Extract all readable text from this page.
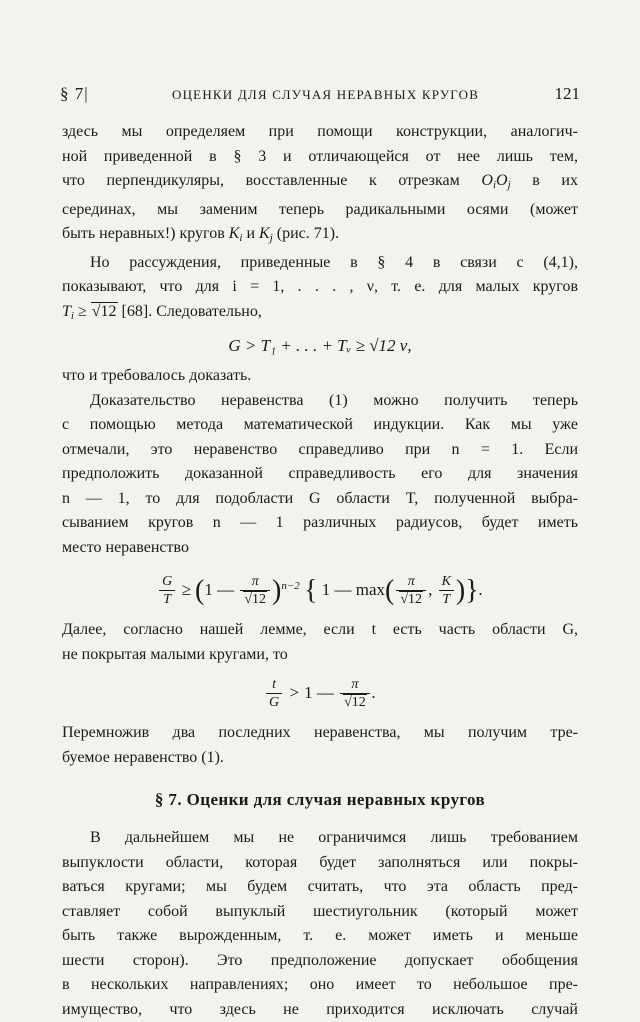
§ 7|	ОЦЕНКИ ДЛЯ СЛУЧАЯ НЕРАВНЫХ КРУГОВ	121

здесь мы определяем при помощи конструкции, аналогич-
ной приведенной в § 3 и отличающейся от нее лишь тем,
что перпендикуляры, восставленные к отрезкам $O_iO_j$ в их
серединах, мы заменим теперь радикальными осями (может
быть неравных!) кругов $K_i$ и $K_j$ (рис. 71).

Но рассуждения, приведенные в § 4 в связи с (4,1),
показывают, что для i = 1, . . . , ν, т. е. для малых кругов
$T_i \ge √12$ [68]. Следовательно,

G > T₁ + . . . + Tᵥ ≥ √12 ν,

что и требовалось доказать.

Доказательство неравенства (1) можно получить теперь
с помощью метода математической индукции. Как мы уже
отмечали, это неравенство справедливо при n = 1. Если
предположить доказанной справедливость его для значения
n — 1, то для подобласти G области T, полученной выбра-
сыванием кругов n — 1 различных радиусов, будет иметь
место неравенство

$\frac{G}{T} \ge (1$ — $\frac{\pi}{√12} )^{n-2}$ { 1 — $\max( \frac{\pi}{√12}$ , $\frac{K}{T}$ )}.

Далее, согласно нашей лемме, если t есть часть области G,
не покрытая малыми кругами, то

$\frac{t}{G} > 1$ — $\frac{\pi}{√12}$ .

Перемножив два последних неравенства, мы получим тре-
буемое неравенство (1).

§ 7. Оценки для случая неравных кругов

В дальнейшем мы не ограничимся лишь требованием
выпуклости области, которая будет заполняться или покры-
ваться кругами; мы будем считать, что эта область пред-
ставляет собой выпуклый шестиугольник (который может
быть также вырожденным, т. е. может иметь и меньше
шести сторон). Это предположение допускает обобщения
в нескольких направлениях; оно имеет то небольшое пре-
имущество, что здесь не приходится исключать случай
